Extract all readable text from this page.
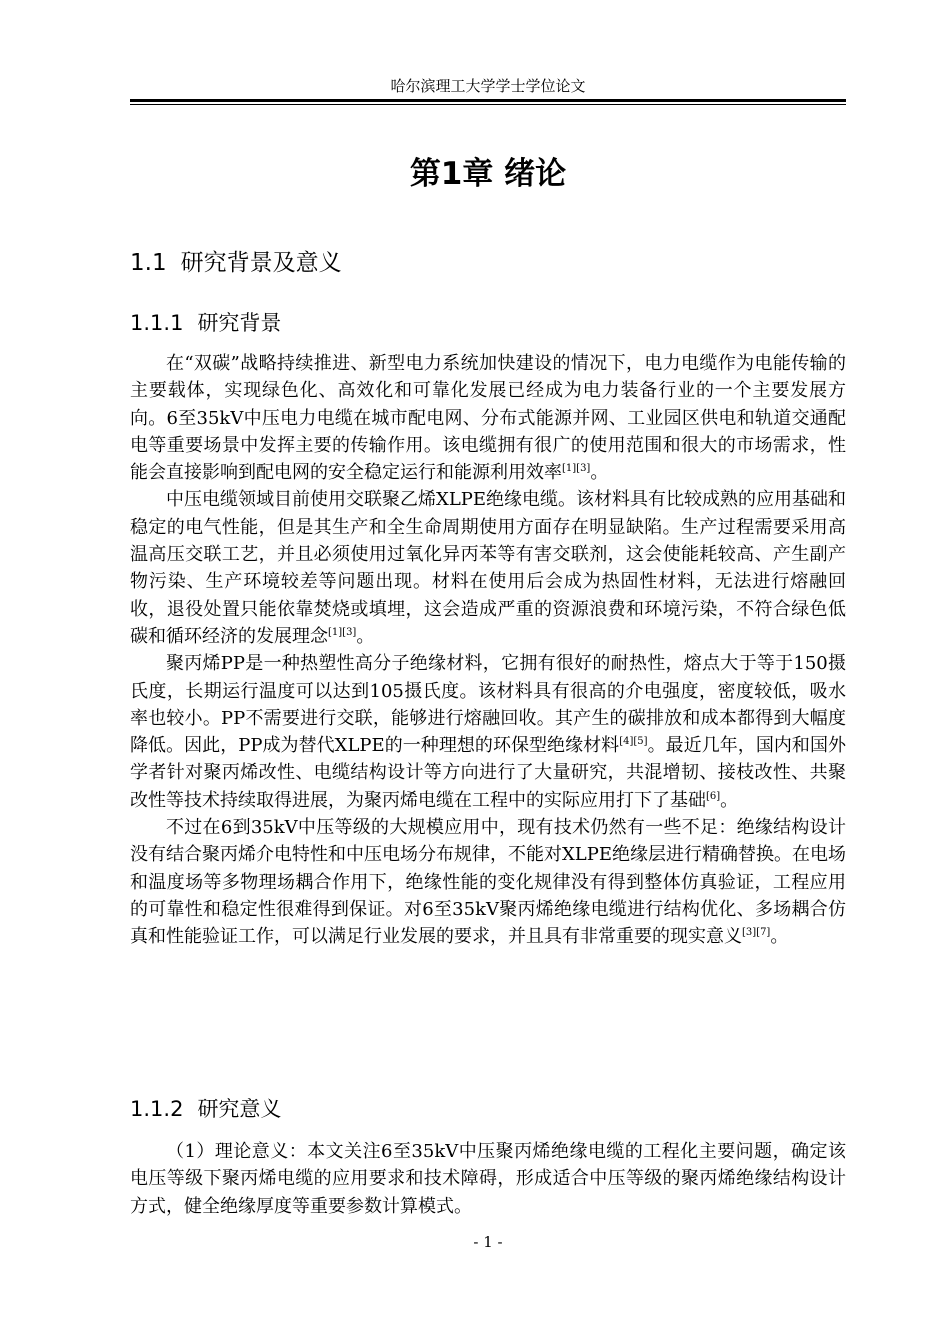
哈尔滨理工大学学士学位论文
第1章 绪论
1.1 研究背景及意义
1.1.1 研究背景

在“双碳”战略持续推进、新型电力系统加快建设的情况下，电力电缆作为电能传输的主要载体，实现绿色化、高效化和可靠化发展已经成为电力装备行业的一个主要发展方向。6至35kV中压电力电缆在城市配电网、分布式能源并网、工业园区供电和轨道交通配电等重要场景中发挥主要的传输作用。该电缆拥有很广的使用范围和很大的市场需求，性能会直接影响到配电网的安全稳定运行和能源利用效率[1][3]。

中压电缆领域目前使用交联聚乙烯XLPE绝缘电缆。该材料具有比较成熟的应用基础和稳定的电气性能，但是其生产和全生命周期使用方面存在明显缺陷。生产过程需要采用高温高压交联工艺，并且必须使用过氧化异丙苯等有害交联剂，这会使能耗较高、产生副产物污染、生产环境较差等问题出现。材料在使用后会成为热固性材料，无法进行熔融回收，退役处置只能依靠焚烧或填埋，这会造成严重的资源浪费和环境污染，不符合绿色低碳和循环经济的发展理念[1][3]。

聚丙烯PP是一种热塑性高分子绝缘材料，它拥有很好的耐热性，熔点大于等于150摄氏度，长期运行温度可以达到105摄氏度。该材料具有很高的介电强度，密度较低，吸水率也较小。PP不需要进行交联，能够进行熔融回收。其产生的碳排放和成本都得到大幅度降低。因此，PP成为替代XLPE的一种理想的环保型绝缘材料[4][5]。最近几年，国内和国外学者针对聚丙烯改性、电缆结构设计等方向进行了大量研究，共混增韧、接枝改性、共聚改性等技术持续取得进展，为聚丙烯电缆在工程中的实际应用打下了基础[6]。

不过在6到35kV中压等级的大规模应用中，现有技术仍然有一些不足：绝缘结构设计没有结合聚丙烯介电特性和中压电场分布规律，不能对XLPE绝缘层进行精确替换。在电场和温度场等多物理场耦合作用下，绝缘性能的变化规律没有得到整体仿真验证，工程应用的可靠性和稳定性很难得到保证。对6至35kV聚丙烯绝缘电缆进行结构优化、多场耦合仿真和性能验证工作，可以满足行业发展的要求，并且具有非常重要的现实意义[3][7]。

1.1.2 研究意义

（1）理论意义：本文关注6至35kV中压聚丙烯绝缘电缆的工程化主要问题，确定该电压等级下聚丙烯电缆的应用要求和技术障碍，形成适合中压等级的聚丙烯绝缘结构设计方式，健全绝缘厚度等重要参数计算模式。

- 1 -
